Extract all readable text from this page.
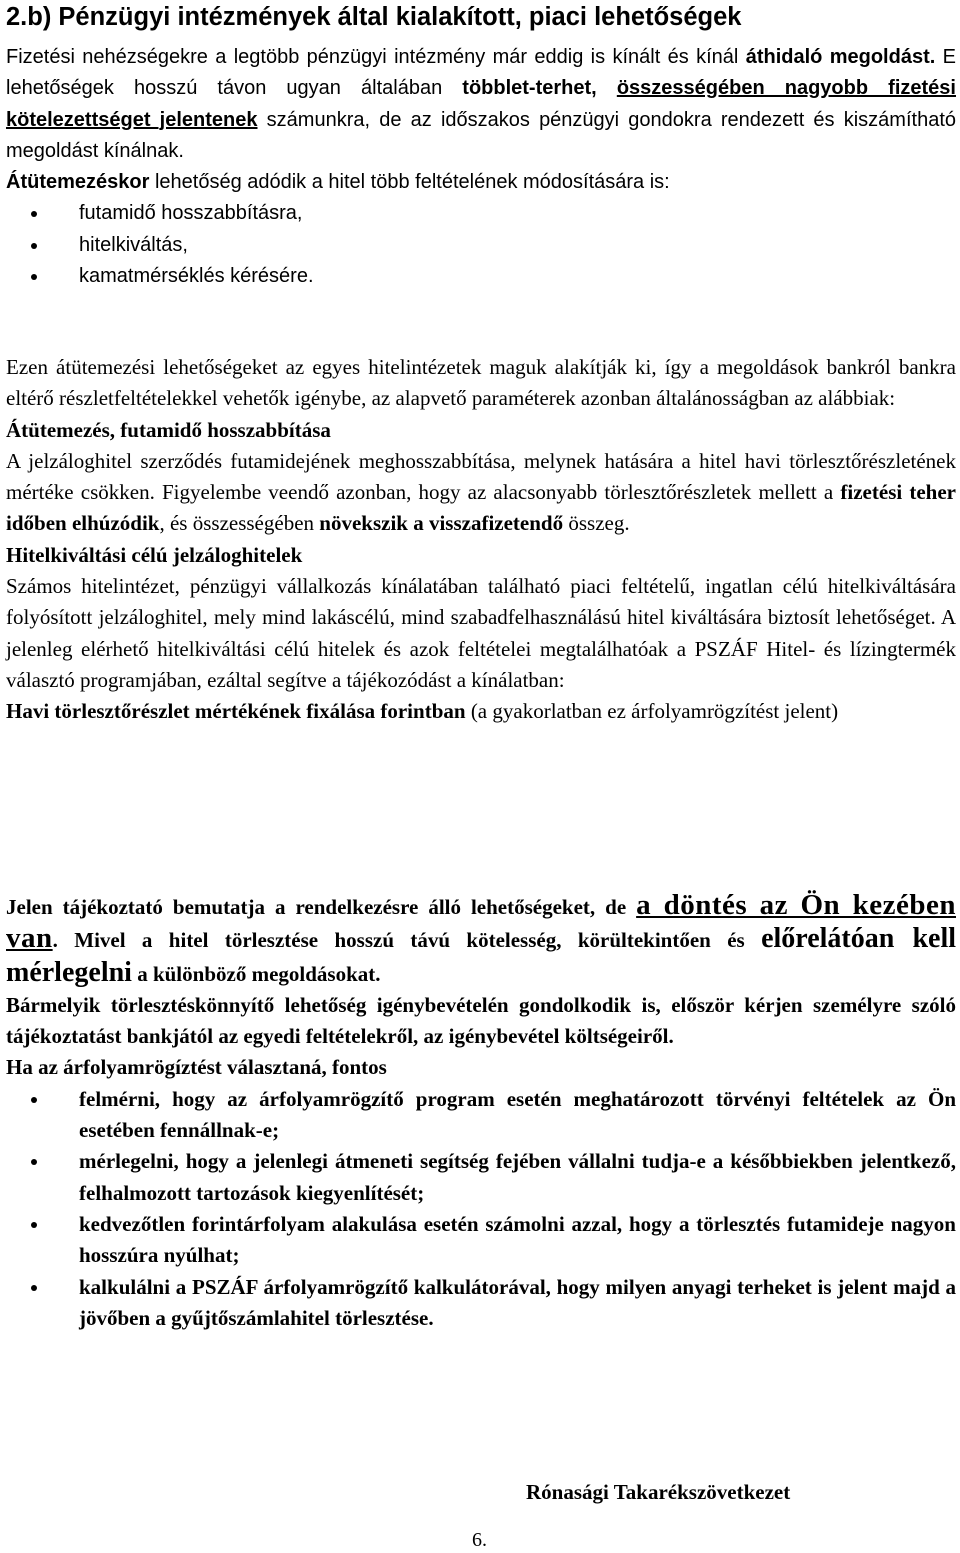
2.b) Pénzügyi intézmények által kialakított, piaci lehetőségek
Fizetési nehézségekre a legtöbb pénzügyi intézmény már eddig is kínált és kínál áthidaló megoldást. E lehetőségek hosszú távon ugyan általában többlet-terhet, összességében nagyobb fizetési kötelezettséget jelentenek számunkra, de az időszakos pénzügyi gondokra rendezett és kiszámítható megoldást kínálnak.
Átütemezéskor lehetőség adódik a hitel több feltételének módosítására is:
futamidő hosszabbításra,
hitelkiváltás,
kamatmérséklés kérésére.
Ezen átütemezési lehetőségeket az egyes hitelintézetek maguk alakítják ki, így a megoldások bankról bankra eltérő részletfeltételekkel vehetők igénybe, az alapvető paraméterek azonban általánosságban az alábbiak:
Átütemezés, futamidő hosszabbítása
A jelzáloghitel szerződés futamidejének meghosszabbítása, melynek hatására a hitel havi törlesztőrészletének mértéke csökken. Figyelembe veendő azonban, hogy az alacsonyabb törlesztőrészletek mellett a fizetési teher időben elhúzódik, és összességében növekszik a visszafizetendő összeg.
Hitelkiváltási célú jelzáloghitelek
Számos hitelintézet, pénzügyi vállalkozás kínálatában található piaci feltételű, ingatlan célú hitelkiváltására folyósított jelzáloghitel, mely mind lakáscélú, mind szabadfelhasználású hitel kiváltására biztosít lehetőséget. A jelenleg elérhető hitelkiváltási célú hitelek és azok feltételei megtalálhatóak a PSZÁF Hitel- és lízingtermék választó programjában, ezáltal segítve a tájékozódást a kínálatban:
Havi törlesztőrészlet mértékének fixálása forintban (a gyakorlatban ez árfolyamrögzítést jelent)
Jelen tájékoztató bemutatja a rendelkezésre álló lehetőségeket, de a döntés az Ön kezében van. Mivel a hitel törlesztése hosszú távú kötelesség, körültekintően és előrelátóan kell mérlegelni a különböző megoldásokat.
Bármelyik törlesztéskönnyítő lehetőség igénybevételén gondolkodik is, először kérjen személyre szóló tájékoztatást bankjától az egyedi feltételekről, az igénybevétel költségeiről.
Ha az árfolyamrögíztést választaná, fontos
felmérni, hogy az árfolyamrögzítő program esetén meghatározott törvényi feltételek az Ön esetében fennállnak-e;
mérlegelni, hogy a jelenlegi átmeneti segítség fejében vállalni tudja-e a későbbiekben jelentkező, felhalmozott tartozások kiegyenlítését;
kedvezőtlen forintárfolyam alakulása esetén számolni azzal, hogy a törlesztés futamideje nagyon hosszúra nyúlhat;
kalkulálni a PSZÁF árfolyamrögzítő kalkulátorával, hogy milyen anyagi terheket is jelent majd a jövőben a gyűjtőszámlahitel törlesztése.
Rónasági Takarékszövetkezet
6.
